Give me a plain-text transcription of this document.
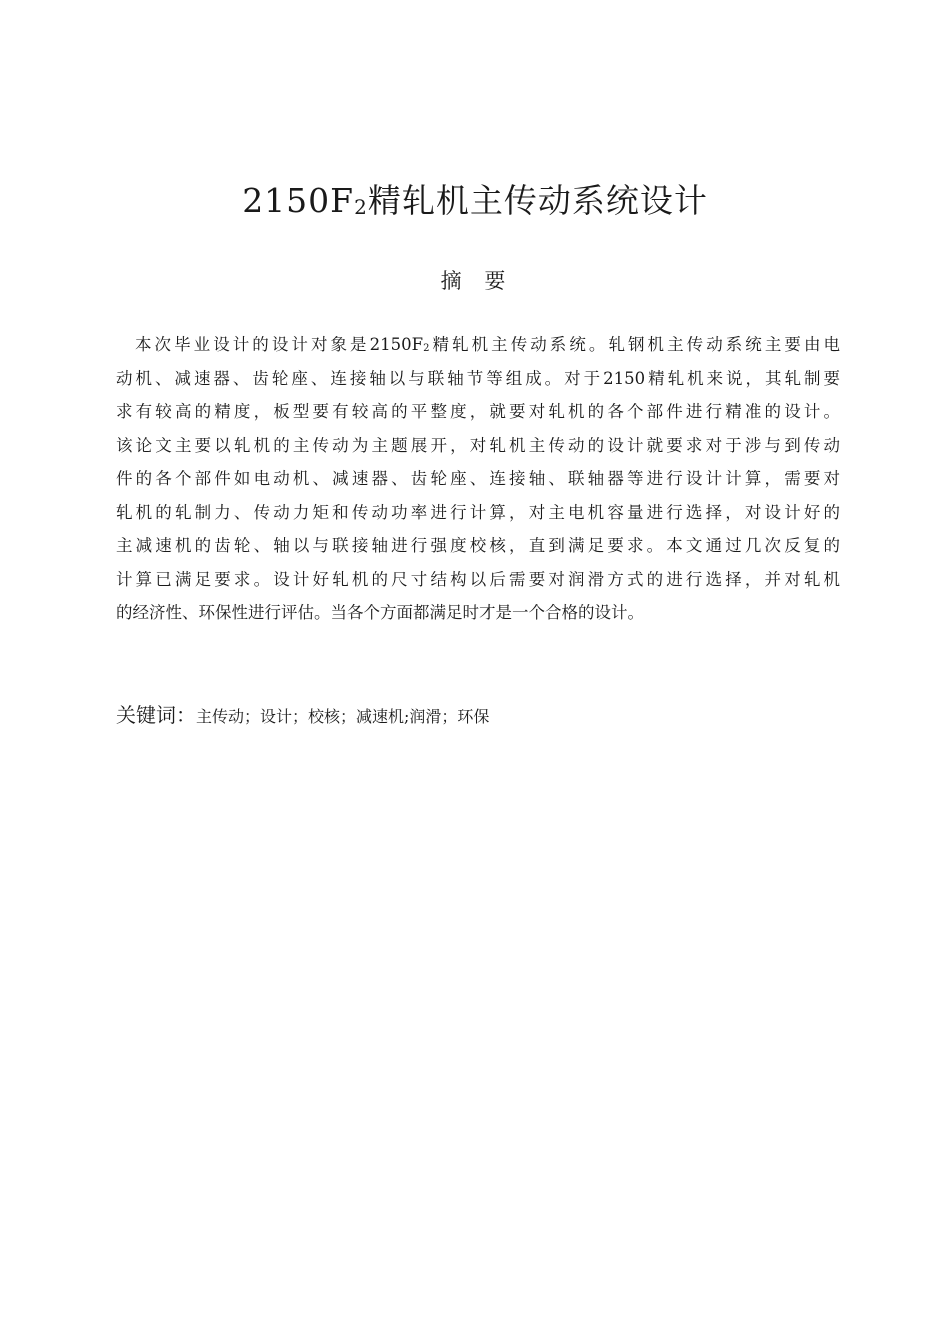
$2150F_2$精轧机主传动系统设计
摘 要
本次毕业设计的设计对象是$2150F_2$精轧机主传动系统。轧钢机主传动系统主要由电
动机、减速器、齿轮座、连接轴以与联轴节等组成。对于2150精轧机来说，其轧制要
求有较高的精度，板型要有较高的平整度，就要对轧机的各个部件进行精准的设计。
该论文主要以轧机的主传动为主题展开，对轧机主传动的设计就要求对于涉与到传动
件的各个部件如电动机、减速器、齿轮座、连接轴、联轴器等进行设计计算，需要对
轧机的轧制力、传动力矩和传动功率进行计算，对主电机容量进行选择，对设计好的
主减速机的齿轮、轴以与联接轴进行强度校核，直到满足要求。本文通过几次反复的
计算已满足要求。设计好轧机的尺寸结构以后需要对润滑方式的进行选择，并对轧机
的经济性、环保性进行评估。当各个方面都满足时才是一个合格的设计。
关键词：主传动；设计；校核；减速机;润滑；环保
